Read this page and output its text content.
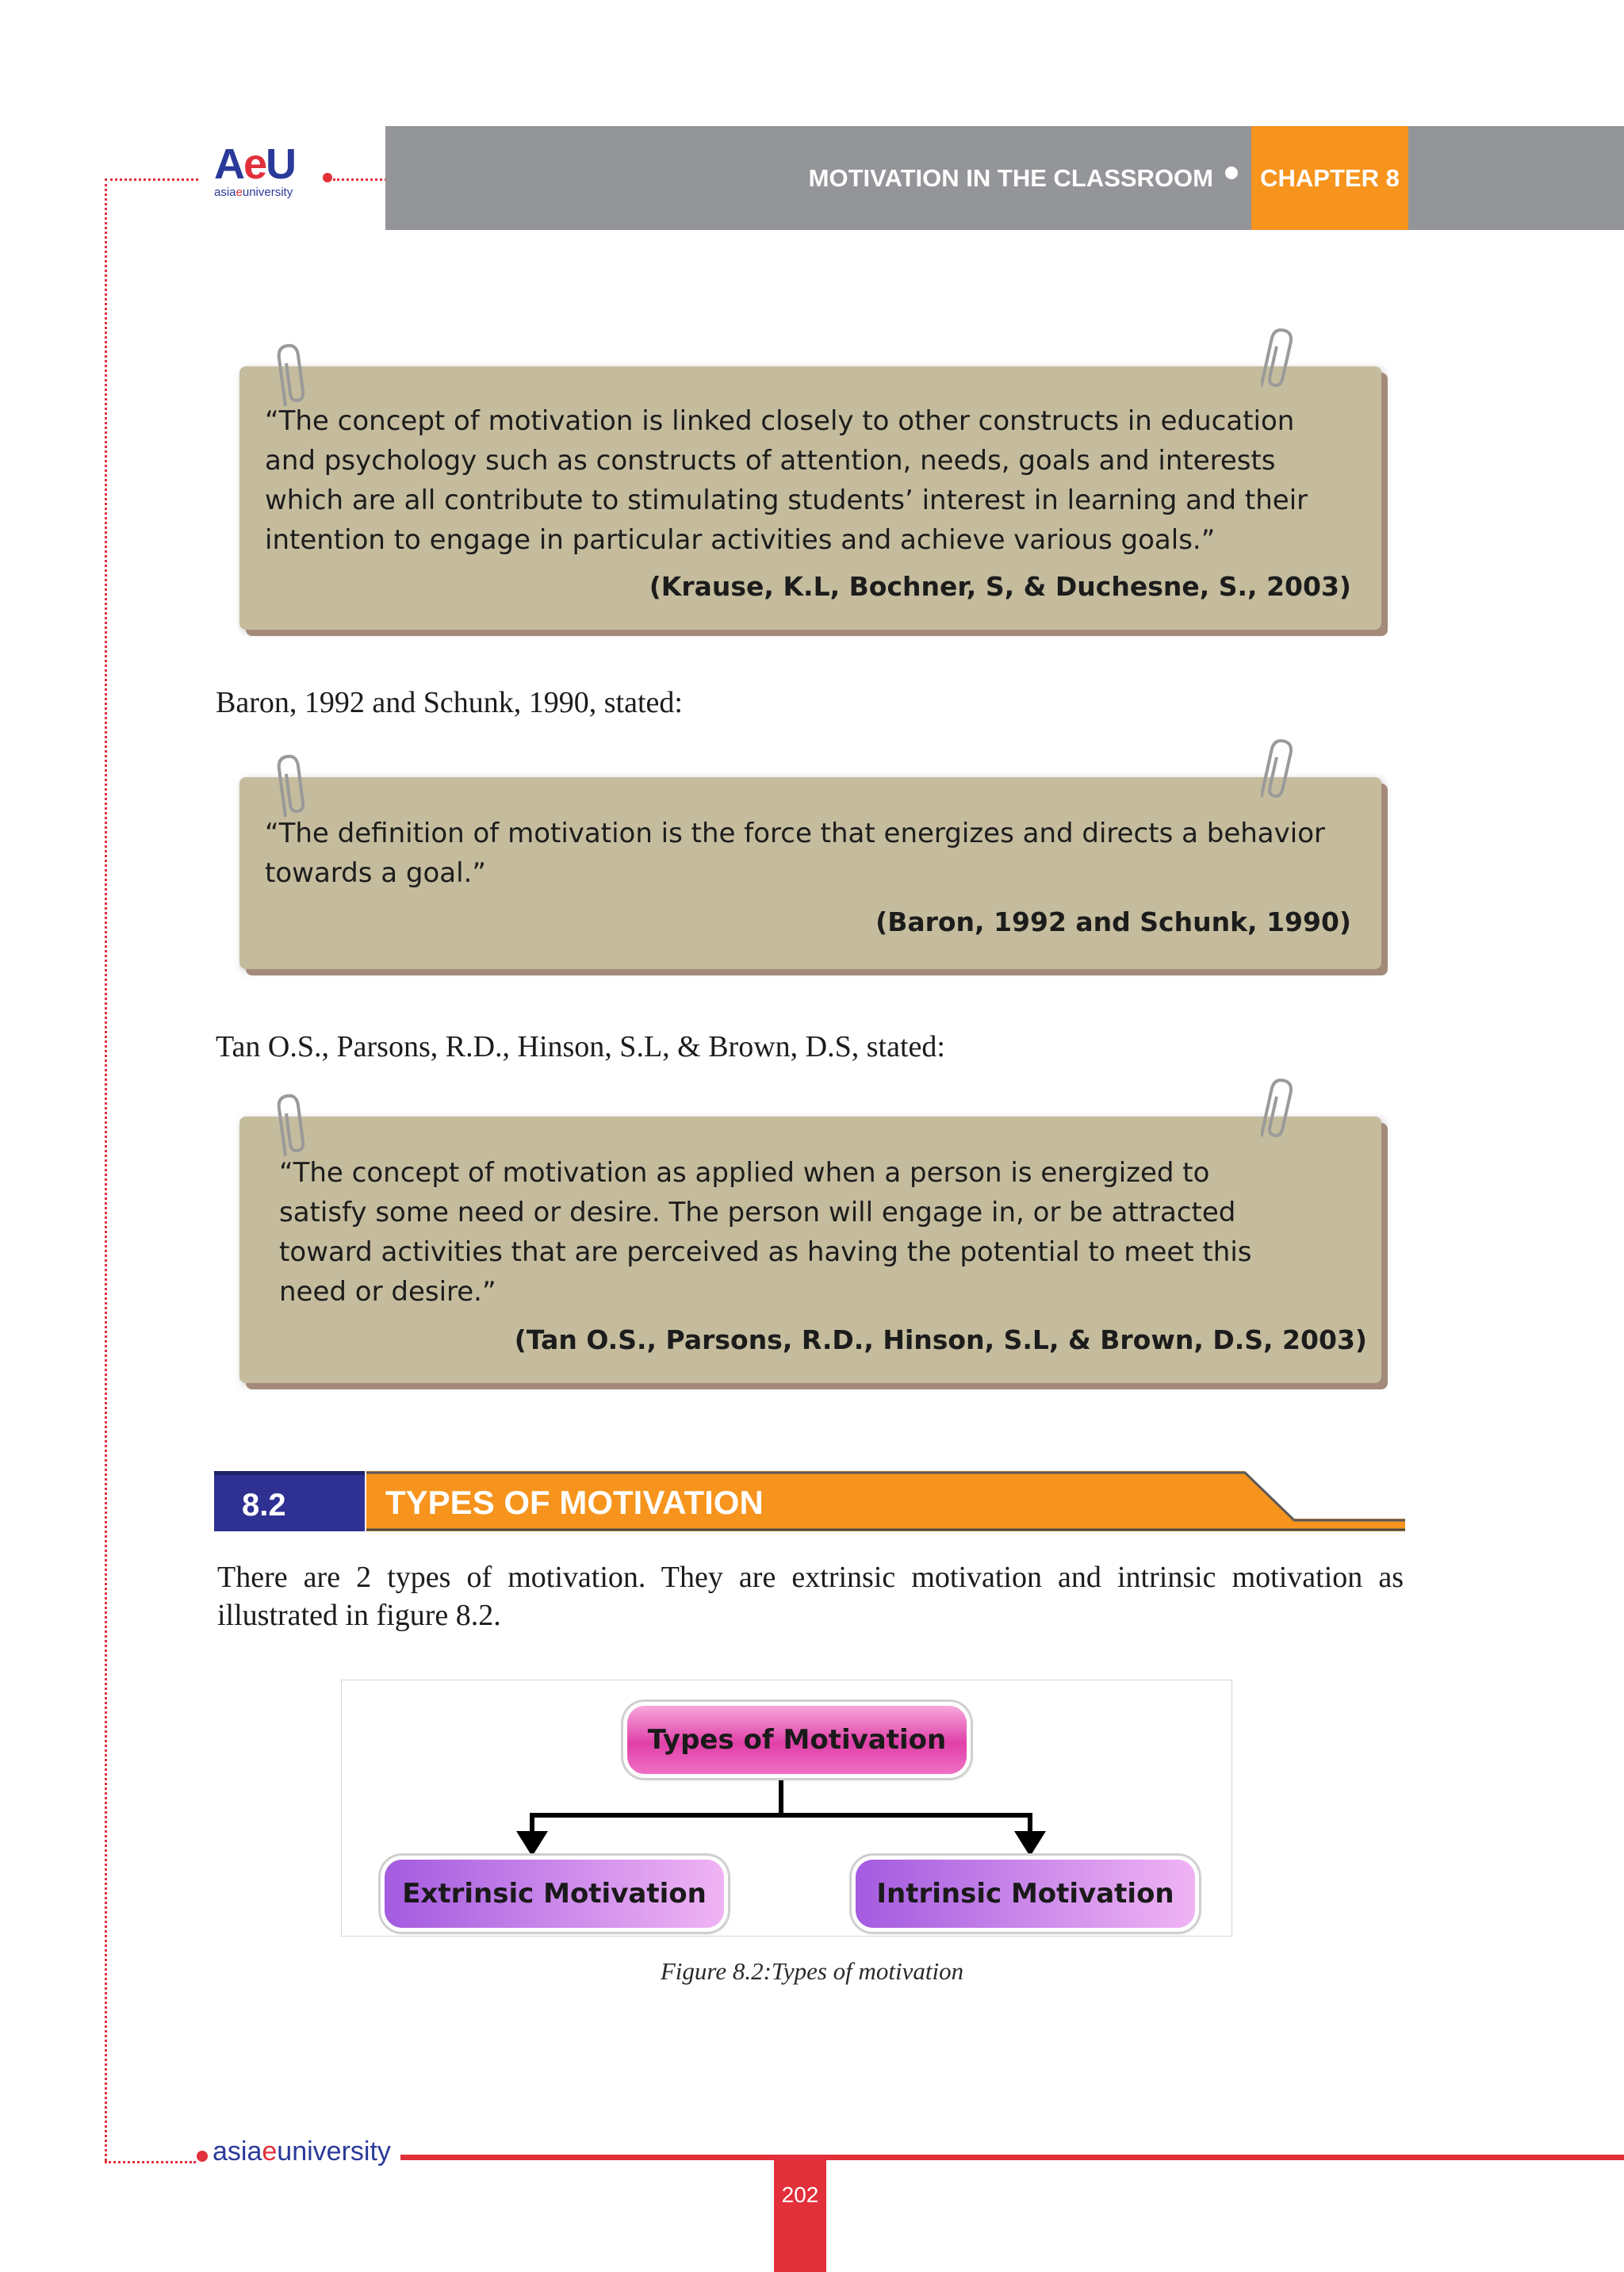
AeU
asiaeuniversity
MOTIVATION IN THE CLASSROOM	CHAPTER 8
“The concept of motivation is linked closely to other constructs in education and psychology such as constructs of attention, needs, goals and interests which are all contribute to stimulating students’ interest in learning and their intention to engage in particular activities and achieve various goals.”
(Krause, K.L, Bochner, S, & Duchesne, S., 2003)
Baron, 1992 and Schunk, 1990, stated:
“The definition of motivation is the force that energizes and directs a behavior towards a goal.”
(Baron, 1992 and Schunk, 1990)
Tan O.S., Parsons, R.D., Hinson, S.L, & Brown, D.S, stated:
“The concept of motivation as applied when a person is energized to satisfy some need or desire. The person will engage in, or be attracted toward activities that are perceived as having the potential to meet this need or desire.”
(Tan O.S., Parsons, R.D., Hinson, S.L, & Brown, D.S, 2003)
8.2	TYPES OF MOTIVATION
There are 2 types of motivation. They are extrinsic motivation and intrinsic motivation as illustrated in figure 8.2.
Types of Motivation
Extrinsic Motivation	Intrinsic Motivation
Figure 8.2:Types of motivation
asiaeuniversity
202
